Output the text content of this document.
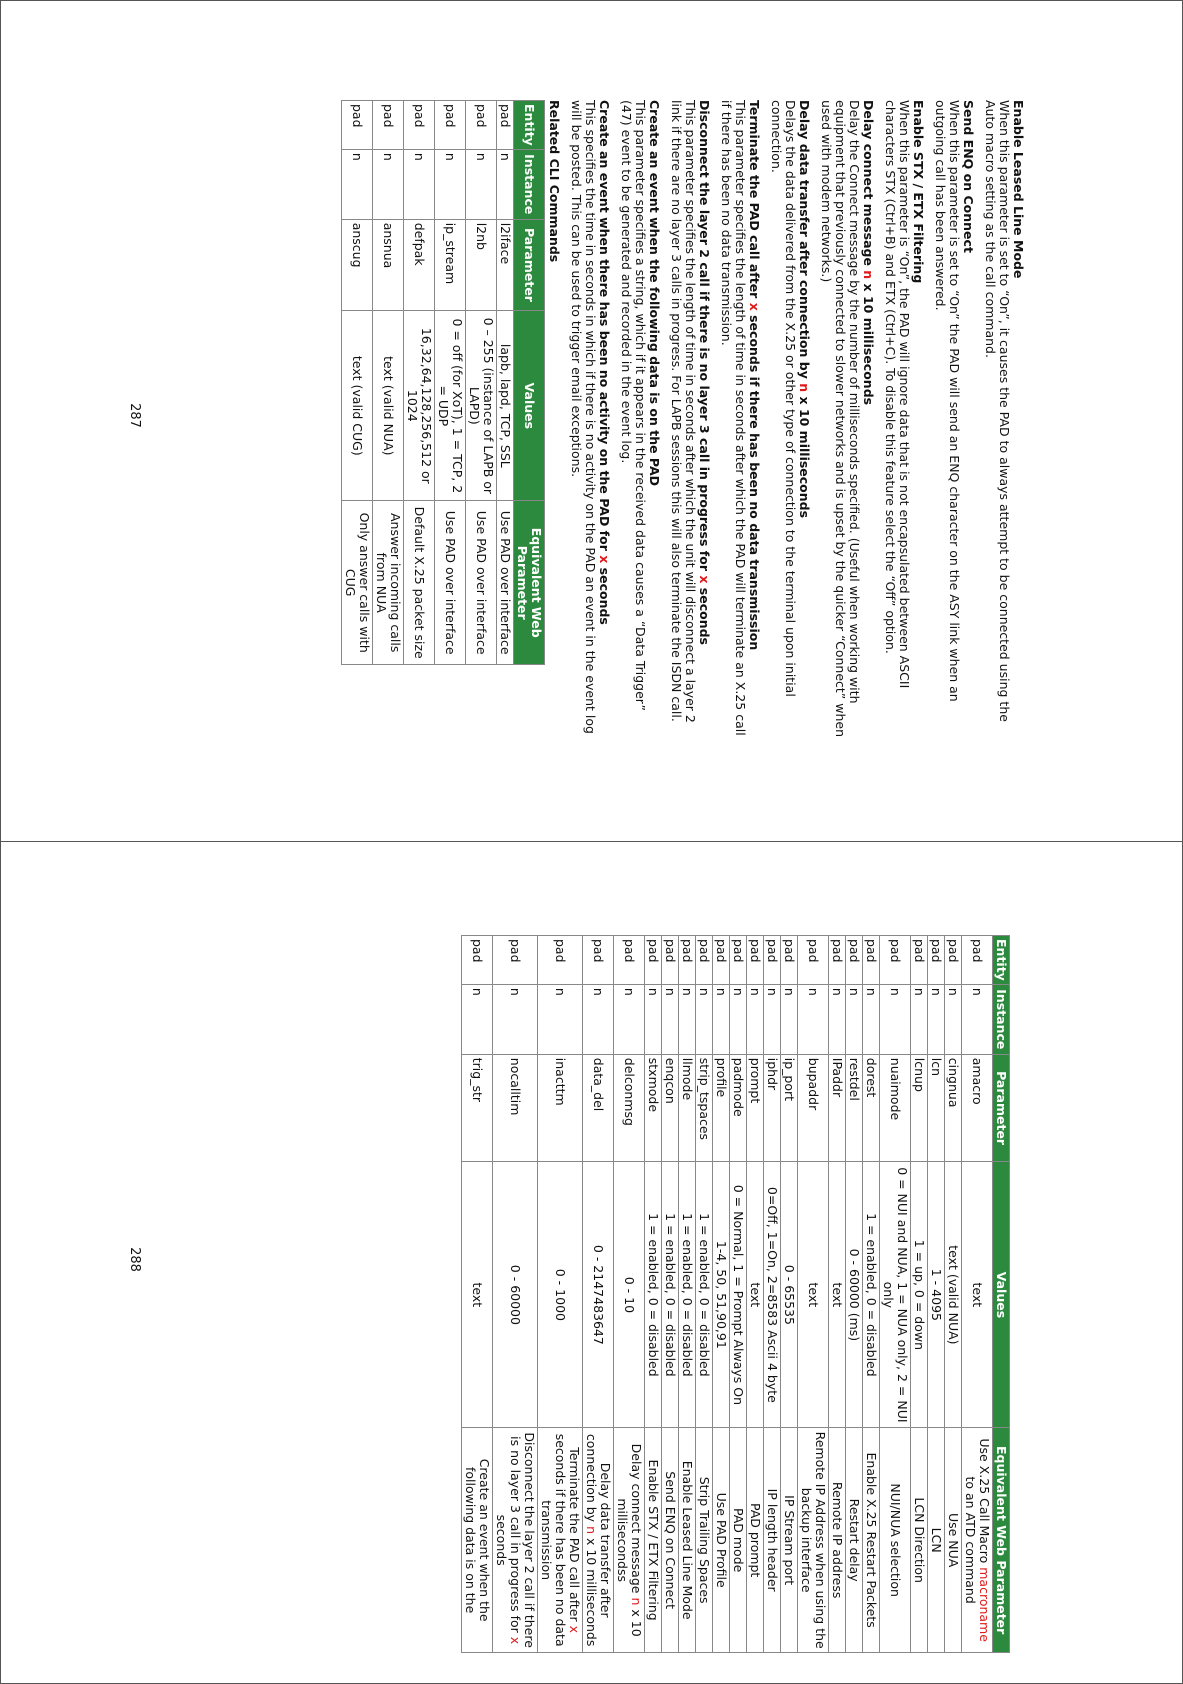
Enable Leased Line Mode
When this parameter is set to “On”, it causes the PAD to always attempt to be connected using the Auto macro setting as the call command.
Send ENQ on Connect
When this parameter is set to “On” the PAD will send an ENQ character on the ASY link when an outgoing call has been answered.
Enable STX / ETX Filtering
When this parameter is “On”, the PAD will ignore data that is not encapsulated between ASCII characters STX (Ctrl+B) and ETX (Ctrl+C). To disable this feature select the “Off” option.
Delay connect message n x 10 milliseconds
Delay the Connect message by the number of milliseconds specified. (Useful when working with equipment that previously connected to slower networks and is upset by the quicker “Connect” when used with modem networks.)
Delay data transfer after connection by n x 10 milliseconds
Delays the data delivered from the X.25 or other type of connection to the terminal upon initial connection.
Terminate the PAD call after x seconds if there has been no data transmission
This parameter specifies the length of time in seconds after which the PAD will terminate an X.25 call if there has been no data transmission.
Disconnect the layer 2 call if there is no layer 3 call in progress for x seconds
This parameter specifies the length of time in seconds after which the unit will disconnect a layer 2 link if there are no layer 3 calls in progress. For LAPB sessions this will also terminate the ISDN call.
Create an event when the following data is on the PAD
This parameter specifies a string, which if it appears in the received data causes a “Data Trigger” (47) event to be generated and recorded in the event log.
Create an event when there has been no activity on the PAD for x seconds
This specifies the time in seconds in which if there is no activity on the PAD an event in the event log will be posted. This can be used to trigger email exceptions.
Related CLI Commands
Entity	Instance	Parameter	Values	Equivalent Web Parameter
pad	n	l2iface	lapb, lapd, TCP, SSL	Use PAD over interface
pad	n	l2nb	0 – 255 (instance of LAPB or LAPD)	Use PAD over interface
pad	n	ip_stream	0 = off (for XoT), 1 = TCP, 2 = UDP	Use PAD over interface
pad	n	defpak	16,32,64,128,256,512 or 1024	Default X.25 packet size
pad	n	ansnua	text (valid NUA)	Answer incoming calls from NUA
pad	n	anscug	text (valid CUG)	Only answer calls with CUG
287
Entity	Instance	Parameter	Values	Equivalent Web Parameter
pad	n	amacro	text	Use X.25 Call Macro macroname to an ATD command
pad	n	cingnua	text (valid NUA)	Use NUA
pad	n	lcn	1 - 4095	LCN
pad	n	lcnup	1 = up, 0 = down	LCN Direction
pad	n	nuaimode	0 = NUI and NUA, 1 = NUA only, 2 = NUI only	NUI/NUA selection
pad	n	dorest	1 = enabled, 0 = disabled	Enable X.25 Restart Packets
pad	n	restdel	0 - 60000 (ms)	Restart delay
pad	n	IPaddr	text	Remote IP address
pad	n	bupaddr	text	Remote IP Address when using the backup interface
pad	n	ip_port	0 - 65535	IP Stream port
pad	n	iphdr	0=Off, 1=On, 2=8583 Ascii 4 byte	IP length header
pad	n	prompt	text	PAD prompt
pad	n	padmode	0 = Normal, 1 = Prompt Always On	PAD mode
pad	n	profile	1-4, 50, 51,90,91	Use PAD Profile
pad	n	strip_tspaces	1 = enabled, 0 = disabled	Strip Trailing Spaces
pad	n	llmode	1 = enabled, 0 = disabled	Enable Leased Line Mode
pad	n	enqcon	1 = enabled, 0 = disabled	Send ENQ on Connect
pad	n	stxmode	1 = enabled, 0 = disabled	Enable STX / ETX Filtering
pad	n	delconmsg	0 - 10	Delay connect message n x 10 millisecondss
pad	n	data_del	0 - 2147483647	Delay data transfer after connection by n x 10 milliseconds
pad	n	inacttm	0 - 1000	Terminate the PAD call after x seconds if there has been no data transmission
pad	n	nocalltim	0 - 60000	Disconnect the layer 2 call if there is no layer 3 call in progress for x seconds
pad	n	trig_str	text	Create an event when the following data is on the
288
